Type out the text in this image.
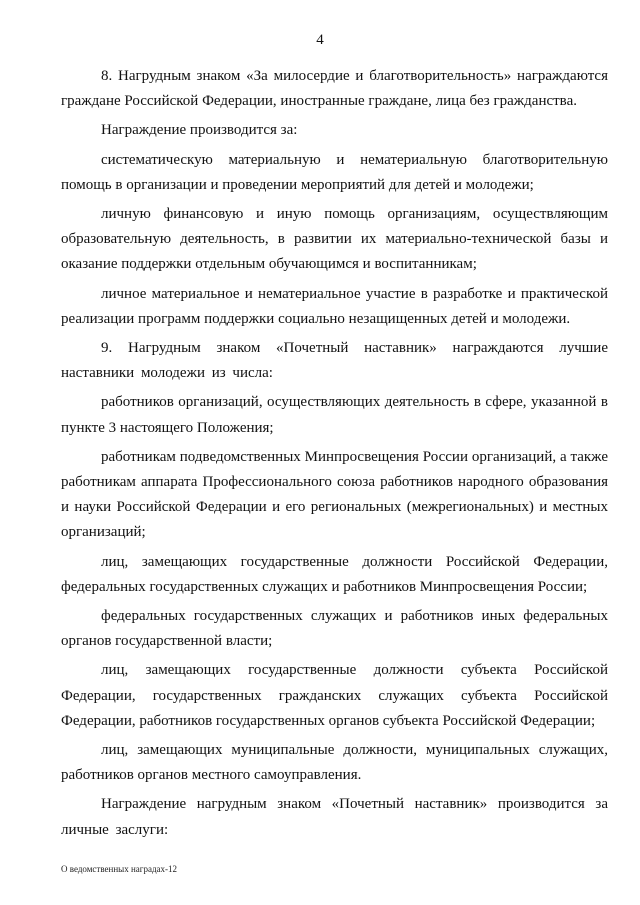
4

8. Нагрудным знаком «За милосердие и благотворительность» награждаются граждане Российской Федерации, иностранные граждане, лица без гражданства.

Награждение производится за:

систематическую материальную и нематериальную благотворительную помощь в организации и проведении мероприятий для детей и молодежи;

личную финансовую и иную помощь организациям, осуществляющим образовательную деятельность, в развитии их материально-технической базы и оказание поддержки отдельным обучающимся и воспитанникам;

личное материальное и нематериальное участие в разработке и практической реализации программ поддержки социально незащищенных детей и молодежи.

9. Нагрудным знаком «Почетный наставник» награждаются лучшие наставники молодежи из числа:

работников организаций, осуществляющих деятельность в сфере, указанной в пункте 3 настоящего Положения;

работникам подведомственных Минпросвещения России организаций, а также работникам аппарата Профессионального союза работников народного образования и науки Российской Федерации и его региональных (межрегиональных) и местных организаций;

лиц, замещающих государственные должности Российской Федерации, федеральных государственных служащих и работников Минпросвещения России;

федеральных государственных служащих и работников иных федеральных органов государственной власти;

лиц, замещающих государственные должности субъекта Российской Федерации, государственных гражданских служащих субъекта Российской Федерации, работников государственных органов субъекта Российской Федерации;

лиц, замещающих муниципальные должности, муниципальных служащих, работников органов местного самоуправления.

Награждение нагрудным знаком «Почетный наставник» производится за личные заслуги:

О ведомственных наградах-12
